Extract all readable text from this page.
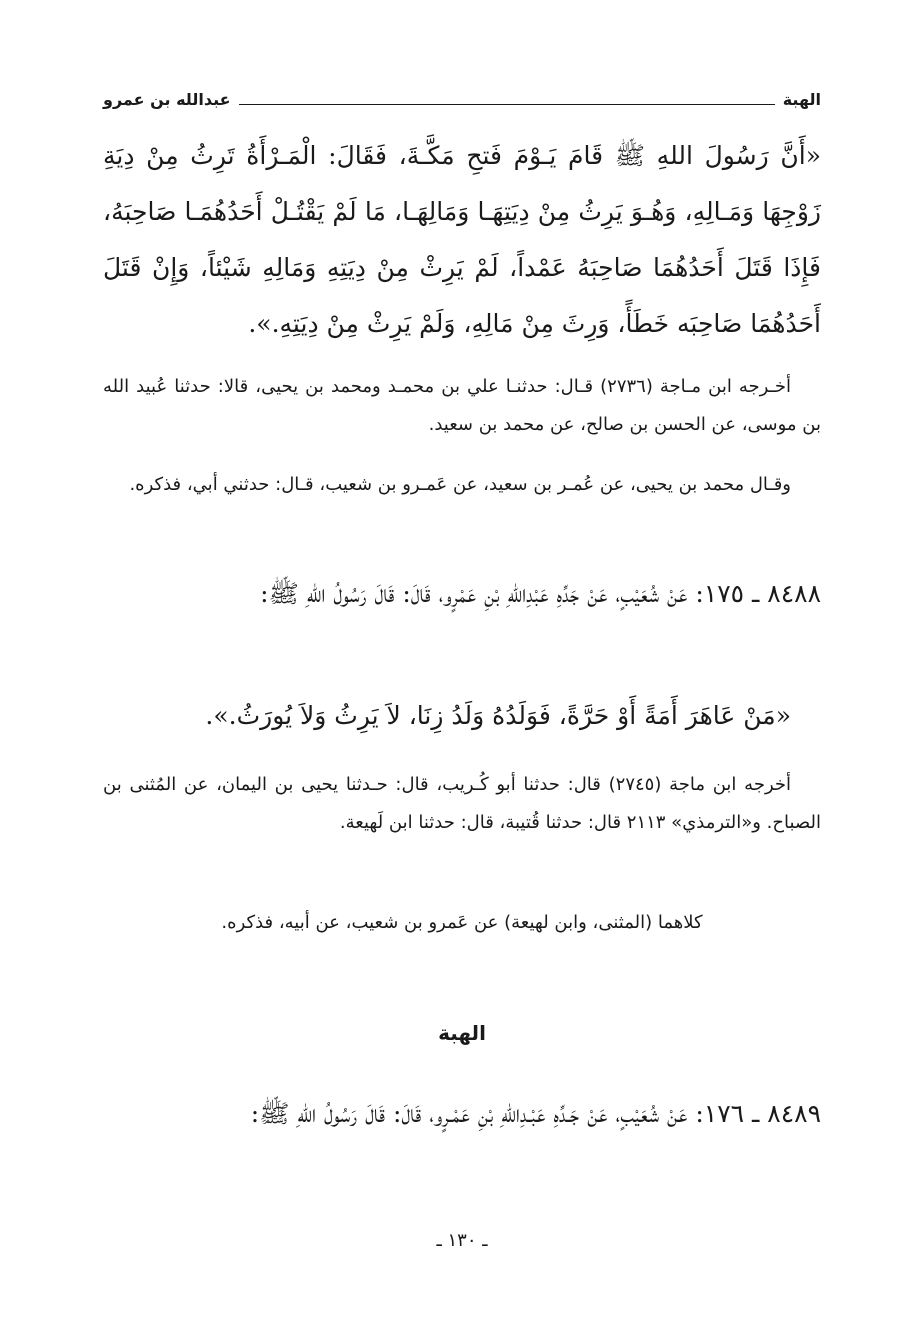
الهبة
عبدالله بن عمرو
«أَنَّ رَسُولَ اللهِ ﷺ قَامَ يَـوْمَ فَتحِ مَكَّـةَ، فَقَالَ: الْمَـرْأَةُ تَرِثُ مِنْ دِيَةِ زَوْجِهَا وَمَـالِهِ، وَهُـوَ يَرِثُ مِنْ دِيَتِهَـا وَمَالِهَـا، مَا لَمْ يَقْتُـلْ أَحَدُهُمَـا صَاحِبَهُ، فَإِذَا قَتَلَ أَحَدُهُمَا صَاحِبَهُ عَمْداً، لَمْ يَرِثْ مِنْ دِيَتِهِ وَمَالِهِ شَيْئاً، وَإِنْ قَتَلَ أَحَدُهُمَا صَاحِبَه خَطَأً، وَرِثَ مِنْ مَالِهِ، وَلَمْ يَرِثْ مِنْ دِيَتِهِ.».
أخـرجه ابن مـاجة (٢٧٣٦) قـال: حدثنـا علي بن محمـد ومحمد بن يحيى، قالا: حدثنا عُبيد الله بن موسى، عن الحسن بن صالح، عن محمد بن سعيد.
وقـال محمد بن يحيى، عن عُمـر بن سعيد، عن عَمـرو بن شعيب، قـال: حدثني أبي، فذكره.
٨٤٨٨ ـ ١٧٥: عَنْ شُعَيْبٍ، عَنْ جَدِّهِ عَبْدِاللهِ بْنِ عَمْرٍو، قَالَ: قَالَ رَسُولُ اللهِ ﷺ:
«مَنْ عَاهَرَ أَمَةً أَوْ حَرَّةً، فَوَلَدُهُ وَلَدُ زِنَا، لاَ يَرِثُ وَلاَ يُورَثُ.».
أخرجه ابن ماجة (٢٧٤٥) قال: حدثنا أبو كُـريب، قال: حـدثنا يحيى بن اليمان، عن المُثنى بن الصباح. و«الترمذي» ٢١١٣ قال: حدثنا قُتيبة، قال: حدثنا ابن لَهيعة.
كلاهما (المثنى، وابن لهيعة) عن عَمرو بن شعيب، عن أبيه، فذكره.
الهبة
٨٤٨٩ ـ ١٧٦: عَنْ شُعَيْبٍ، عَنْ جَـدِّهِ عَبْـدِاللهِ بْنِ عَمْـرٍو، قَالَ: قَالَ رَسُولُ اللهِ ﷺ:
ـ ١٣٠ ـ
